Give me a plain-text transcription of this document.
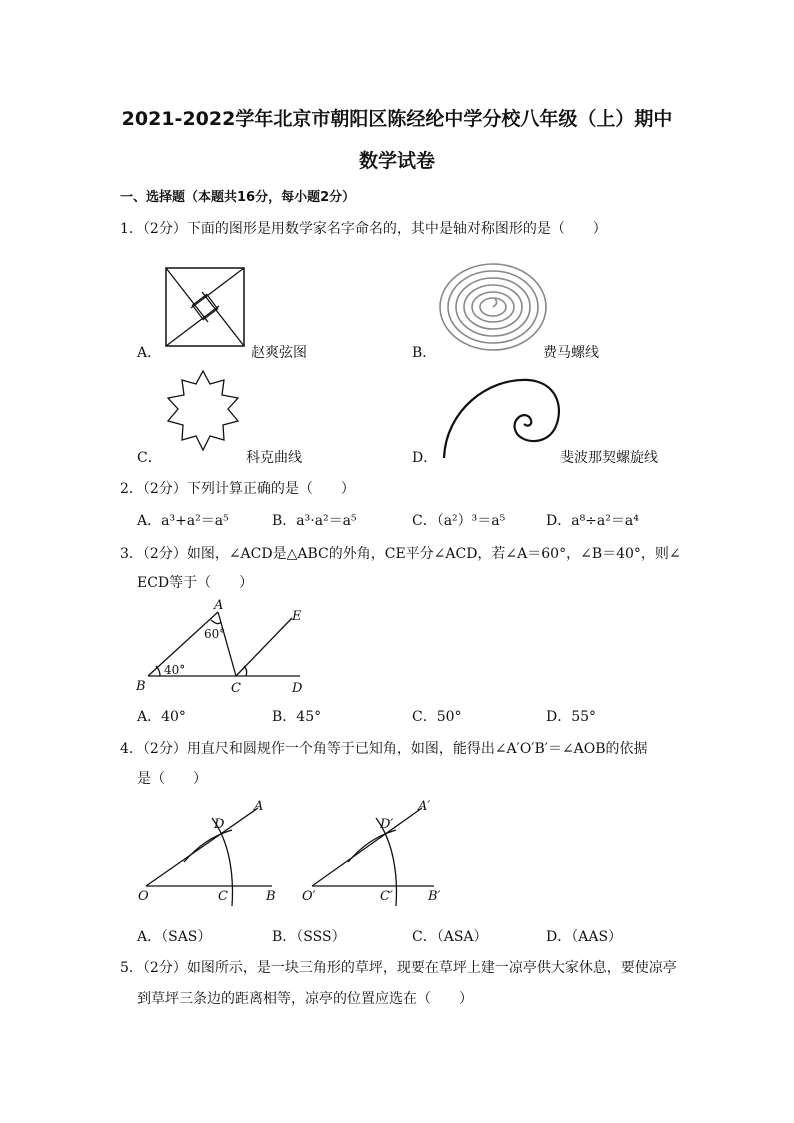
2021-2022学年北京市朝阳区陈经纶中学分校八年级（上）期中
数学试卷
一、选择题（本题共16分，每小题2分）
1．（2分）下面的图形是用数学家名字命名的，其中是轴对称图形的是（　　）
A．	赵爽弦图	B．	费马螺线
C．	科克曲线	D．	斐波那契螺旋线
2．（2分）下列计算正确的是（　　）
A．a³+a²＝a⁵	B．a³·a²＝a⁵	C．（a²）³＝a⁵	D．a⁸÷a²＝a⁴
3．（2分）如图，∠ACD是△ABC的外角，CE平分∠ACD，若∠A＝60°，∠B＝40°，则∠
ECD等于（　　）
A
B	C	D
E
60°
40°
A．40°	B．45°	C．50°	D．55°
4．（2分）用直尺和圆规作一个角等于已知角，如图，能得出∠A′O′B′＝∠AOB的依据
是（　　）
O	C	B
D
A
O′	C′	B′
D′
A′
A．（SAS）	B．（SSS）	C．（ASA）	D．（AAS）
5．（2分）如图所示，是一块三角形的草坪，现要在草坪上建一凉亭供大家休息，要使凉亭
到草坪三条边的距离相等，凉亭的位置应选在（　　）
